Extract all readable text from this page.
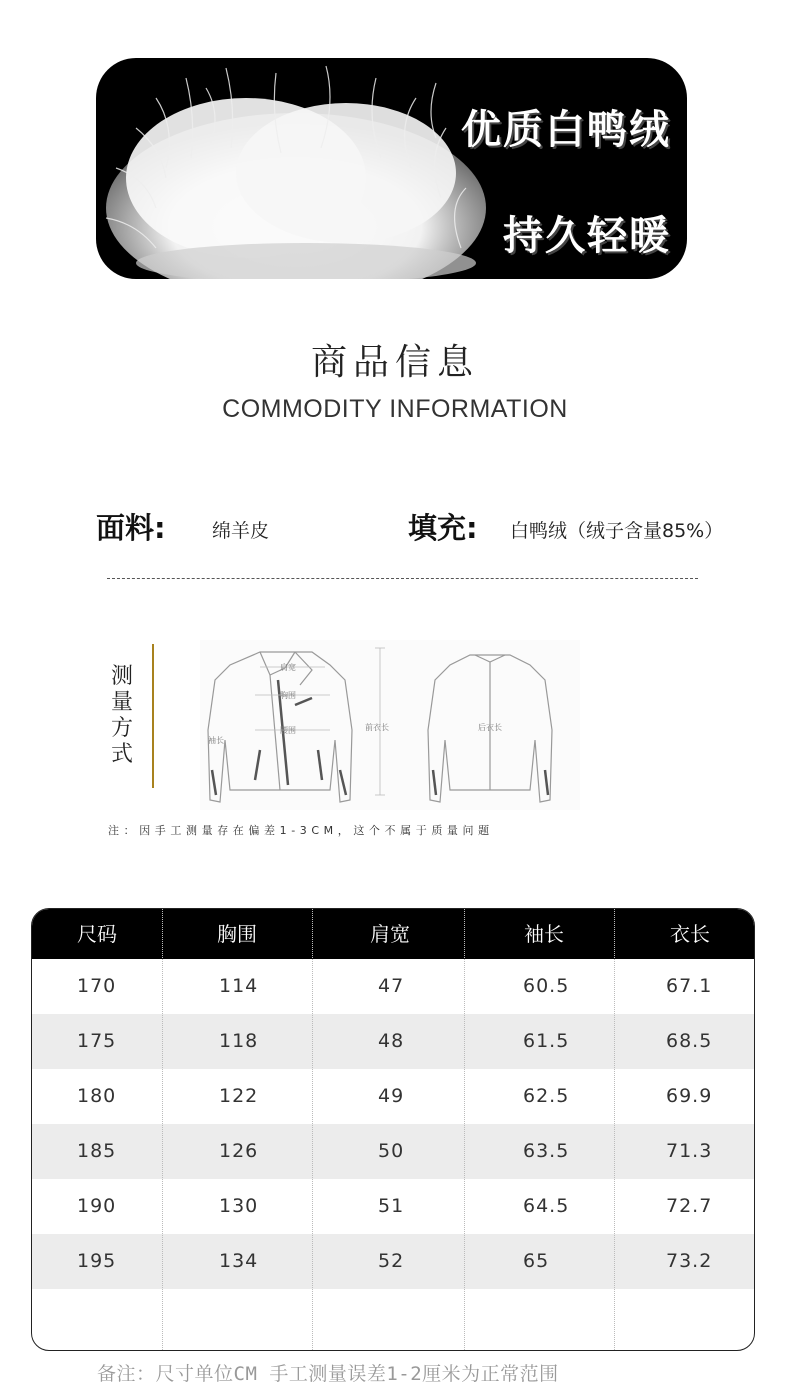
优质白鸭绒
持久轻暖
商品信息
COMMODITY INFORMATION
面料: 绵羊皮	填充: 白鸭绒（绒子含量85%）
测量方式
肩宽
胸围
腰围
袖长
前衣长	后衣长
注：因手工测量存在偏差1-3CM，这个不属于质量问题
尺码	胸围	肩宽	袖长	衣长
170	114	47	60.5	67.1
175	118	48	61.5	68.5
180	122	49	62.5	69.9
185	126	50	63.5	71.3
190	130	51	64.5	72.7
195	134	52	65	73.2
备注：尺寸单位CM 手工测量误差1-2厘米为正常范围
